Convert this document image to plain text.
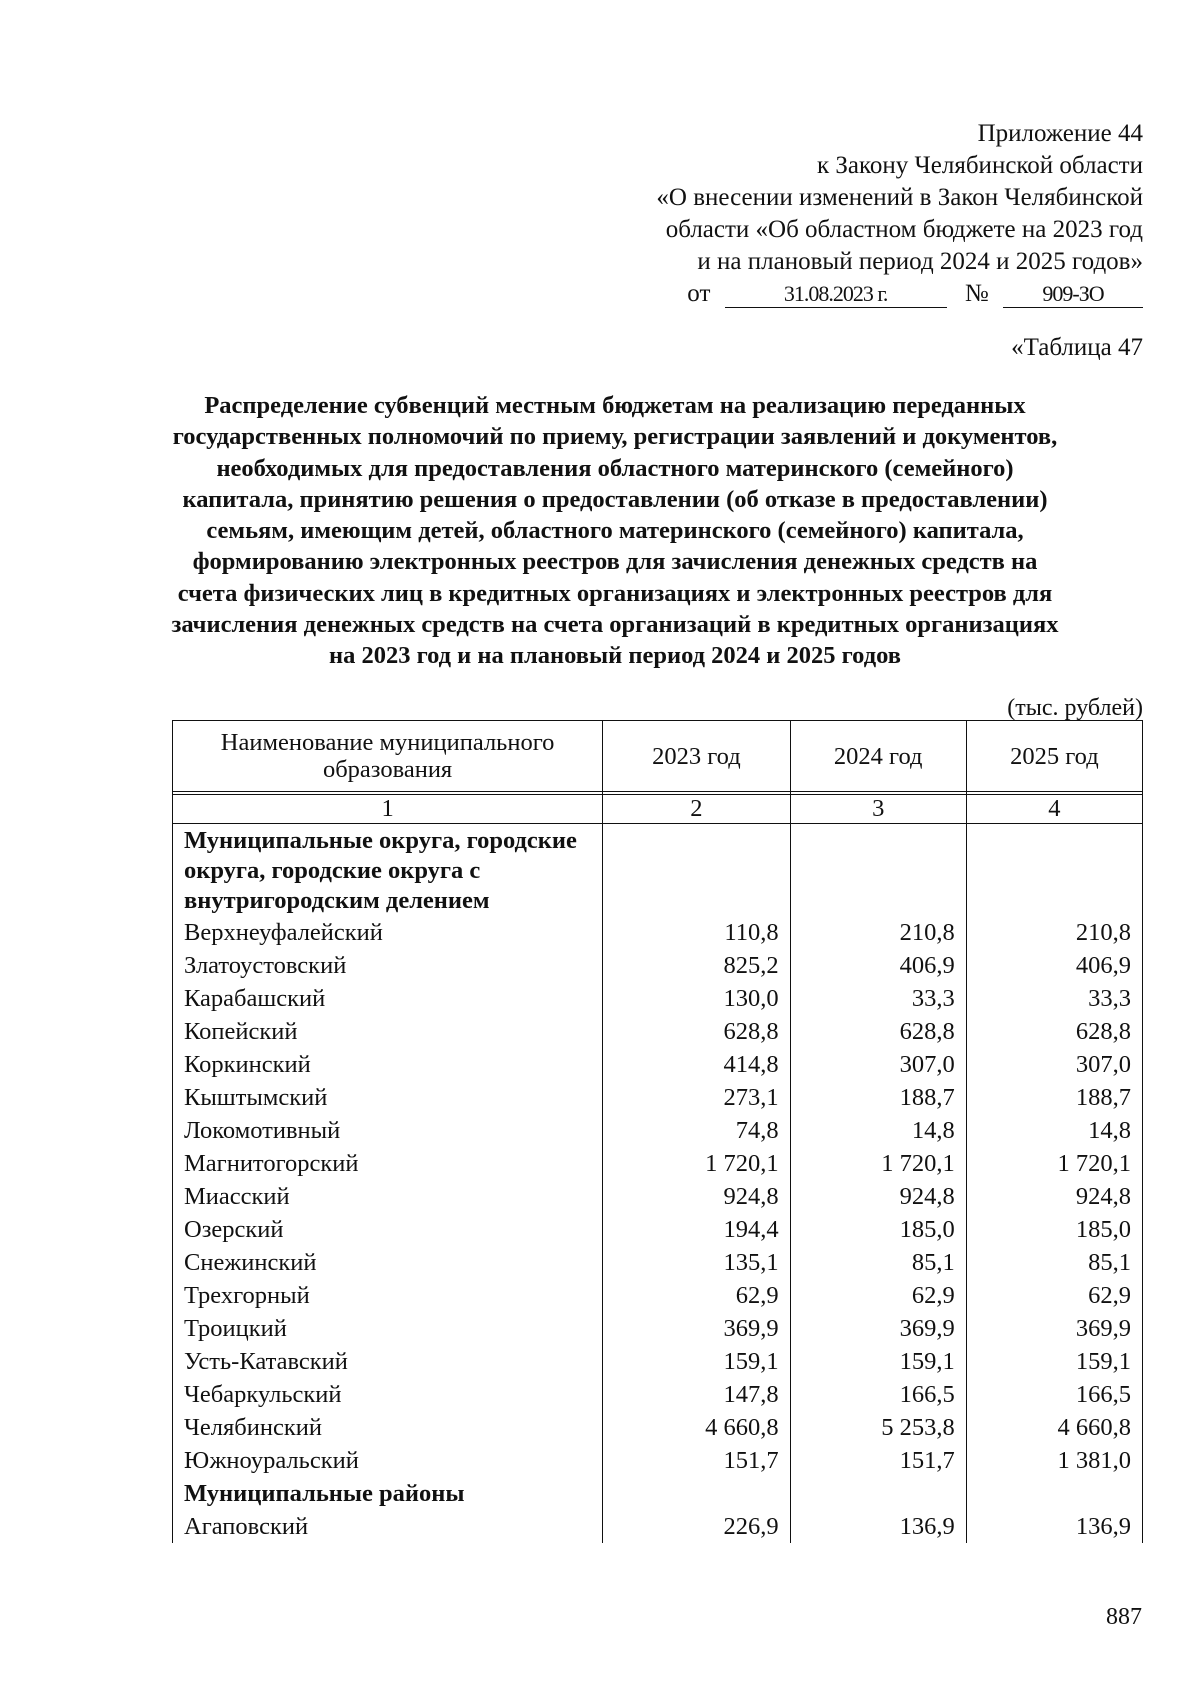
Приложение 44
к Закону Челябинской области
«О внесении изменений в Закон Челябинской
области «Об областном бюджете на 2023 год
и на плановый период 2024 и 2025 годов»
от	31.08.2023 г.	№ 909-ЗО
«Таблица 47
Распределение субвенций местным бюджетам на реализацию переданных
государственных полномочий по приему, регистрации заявлений и документов,
необходимых для предоставления областного материнского (семейного)
капитала, принятию решения о предоставлении (об отказе в предоставлении)
семьям, имеющим детей, областного материнского (семейного) капитала,
формированию электронных реестров для зачисления денежных средств на
счета физических лиц в кредитных организациях и электронных реестров для
зачисления денежных средств на счета организаций в кредитных организациях
на 2023 год и на плановый период 2024 и 2025 годов
(тыс. рублей)
Наименование муниципального образования	2023 год	2024 год	2025 год

1	2	3	4
Муниципальные округа, городские округа, городские округа с внутригородским делением			
Верхнеуфалейский	110,8	210,8	210,8
Златоустовский	825,2	406,9	406,9
Карабашский	130,0	33,3	33,3
Копейский	628,8	628,8	628,8
Коркинский	414,8	307,0	307,0
Кыштымский	273,1	188,7	188,7
Локомотивный	74,8	14,8	14,8
Магнитогорский	1 720,1	1 720,1	1 720,1
Миасский	924,8	924,8	924,8
Озерский	194,4	185,0	185,0
Снежинский	135,1	85,1	85,1
Трехгорный	62,9	62,9	62,9
Троицкий	369,9	369,9	369,9
Усть-Катавский	159,1	159,1	159,1
Чебаркульский	147,8	166,5	166,5
Челябинский	4 660,8	5 253,8	4 660,8
Южноуральский	151,7	151,7	1 381,0
Муниципальные районы			
Агаповский	226,9	136,9	136,9
887
